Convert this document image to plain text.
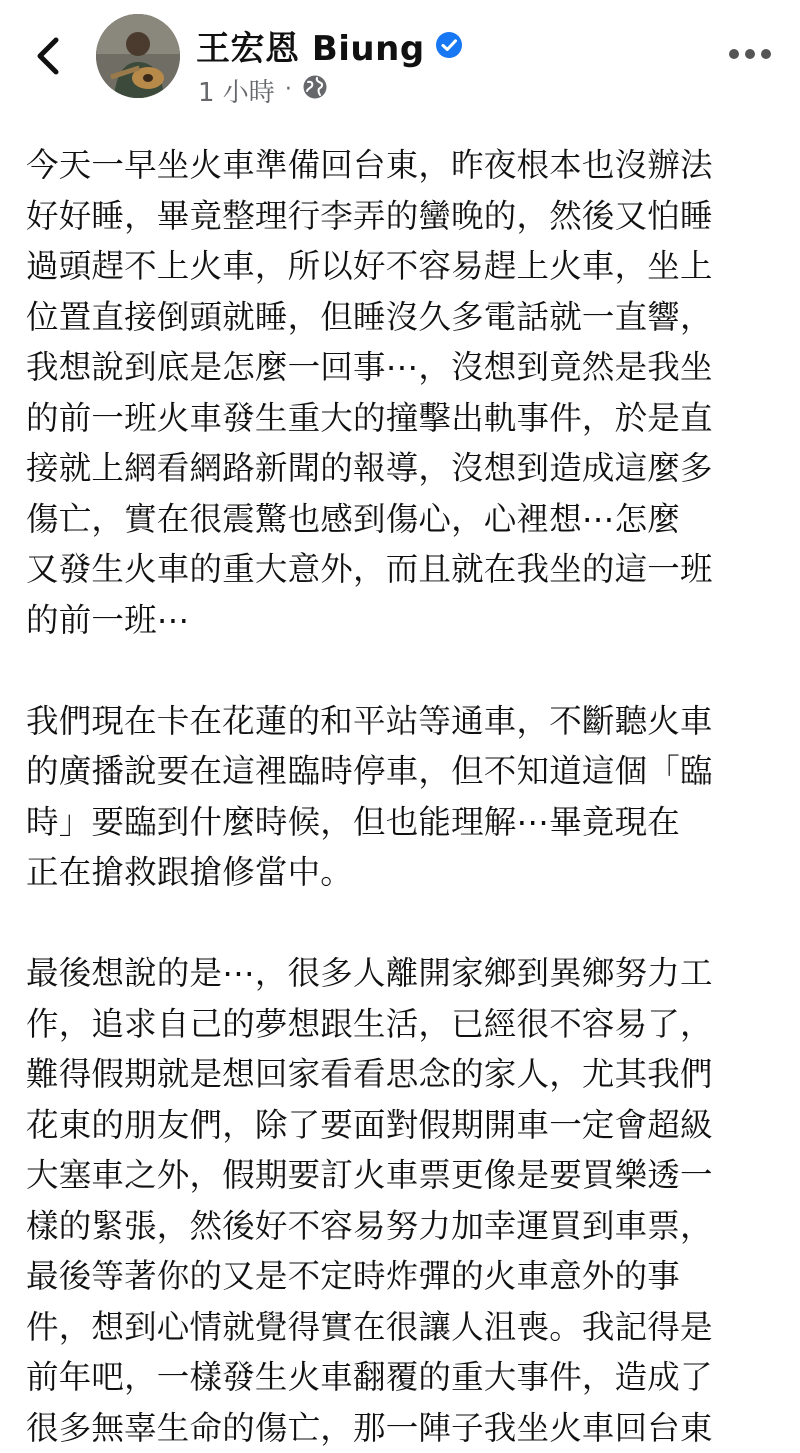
王宏恩 Biung
1 小時 ·

今天一早坐火車準備回台東，昨夜根本也沒辦法
好好睡，畢竟整理行李弄的蠻晚的，然後又怕睡
過頭趕不上火車，所以好不容易趕上火車，坐上
位置直接倒頭就睡，但睡沒久多電話就一直響，
我想說到底是怎麼一回事⋯，沒想到竟然是我坐
的前一班火車發生重大的撞擊出軌事件，於是直
接就上網看網路新聞的報導，沒想到造成這麼多
傷亡，實在很震驚也感到傷心，心裡想⋯怎麼
又發生火車的重大意外，而且就在我坐的這一班
的前一班⋯

我們現在卡在花蓮的和平站等通車，不斷聽火車
的廣播說要在這裡臨時停車，但不知道這個「臨
時」要臨到什麼時候，但也能理解⋯畢竟現在
正在搶救跟搶修當中。

最後想說的是⋯，很多人離開家鄉到異鄉努力工
作，追求自己的夢想跟生活，已經很不容易了，
難得假期就是想回家看看思念的家人，尤其我們
花東的朋友們，除了要面對假期開車一定會超級
大塞車之外，假期要訂火車票更像是要買樂透一
樣的緊張，然後好不容易努力加幸運買到車票，
最後等著你的又是不定時炸彈的火車意外的事
件，想到心情就覺得實在很讓人沮喪。我記得是
前年吧，一樣發生火車翻覆的重大事件，造成了
很多無辜生命的傷亡，那一陣子我坐火車回台東
